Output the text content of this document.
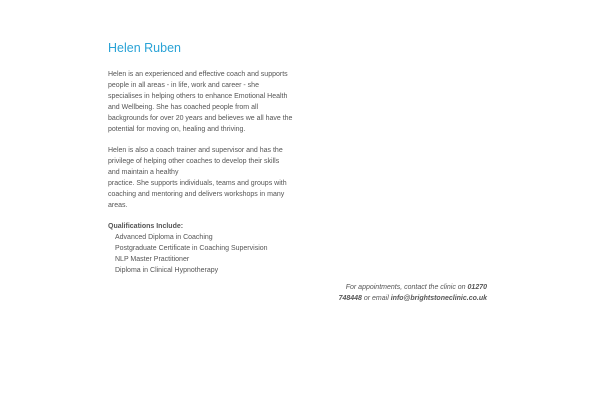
Helen Ruben

Helen is an experienced and effective coach and supports
people in all areas - in life, work and career - she
specialises in helping others to enhance Emotional Health
and Wellbeing. She has coached people from all
backgrounds for over 20 years and believes we all have the
potential for moving on, healing and thriving.

Helen is also a coach trainer and supervisor and has the
privilege of helping other coaches to develop their skills
and maintain a healthy
practice. She supports individuals, teams and groups with
coaching and mentoring and delivers workshops in many
areas.

Qualifications Include:
Advanced Diploma in Coaching
Postgraduate Certificate in Coaching Supervision
NLP Master Practitioner
Diploma in Clinical Hypnotherapy
For appointments, contact the clinic on 01270
748448 or email info@brightstoneclinic.co.uk
